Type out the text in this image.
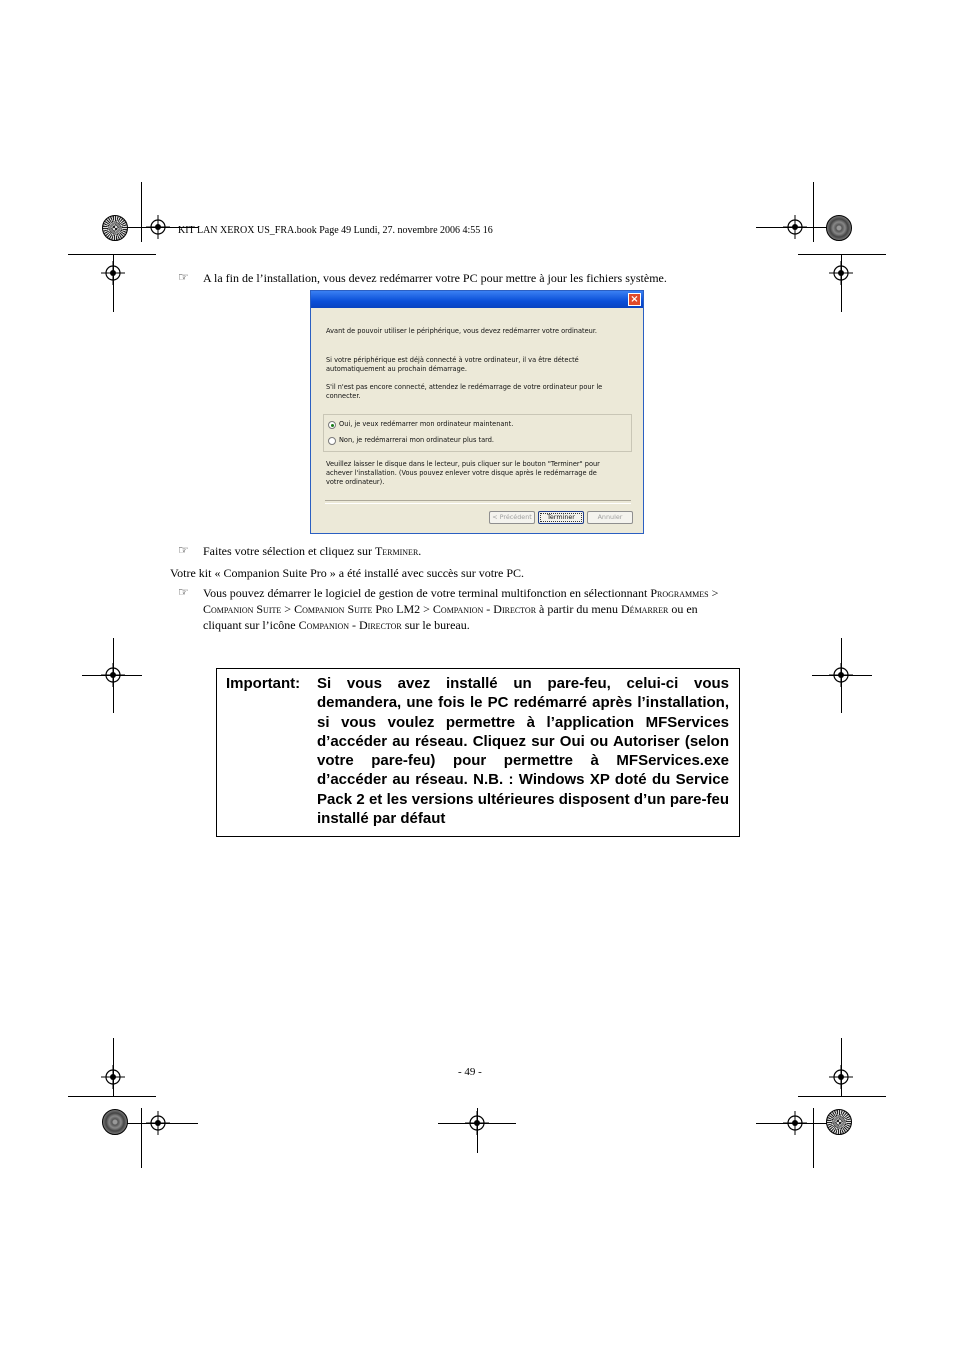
KIT LAN XEROX US_FRA.book Page 49 Lundi, 27. novembre 2006 4:55 16
☞ A la fin de l’installation, vous devez redémarrer votre PC pour mettre à jour les fichiers système.
×
Avant de pouvoir utiliser le périphérique, vous devez redémarrer votre ordinateur.
Si votre périphérique est déjà connecté à votre ordinateur, il va être détecté
automatiquement au prochain démarrage.
S'il n'est pas encore connecté, attendez le redémarrage de votre ordinateur pour le
connecter.
Oui, je veux redémarrer mon ordinateur maintenant.
Non, je redémarrerai mon ordinateur plus tard.
Veuillez laisser le disque dans le lecteur, puis cliquer sur le bouton "Terminer" pour
achever l'installation. (Vous pouvez enlever votre disque après le redémarrage de
votre ordinateur).
< Précédent	Terminer	Annuler
☞ Faites votre sélection et cliquez sur Terminer.
Votre kit « Companion Suite Pro » a été installé avec succès sur votre PC.
☞ Vous pouvez démarrer le logiciel de gestion de votre terminal multifonction en sélectionnant Programmes >
Companion Suite > Companion Suite Pro LM2 > Companion - Director à partir du menu Démarrer ou en
cliquant sur l’icône Companion - Director sur le bureau.
Important: Si vous avez installé un pare-feu, celui-ci vous demandera, une fois le PC redémarré après l’installation, si vous voulez permettre à l’application MFServices d’accéder au réseau. Cliquez sur Oui ou Autoriser (selon votre pare-feu) pour permettre à MFServices.exe d’accéder au réseau. N.B. : Windows XP doté du Service Pack 2 et les versions ultérieures disposent d’un pare-feu installé par défaut
- 49 -
